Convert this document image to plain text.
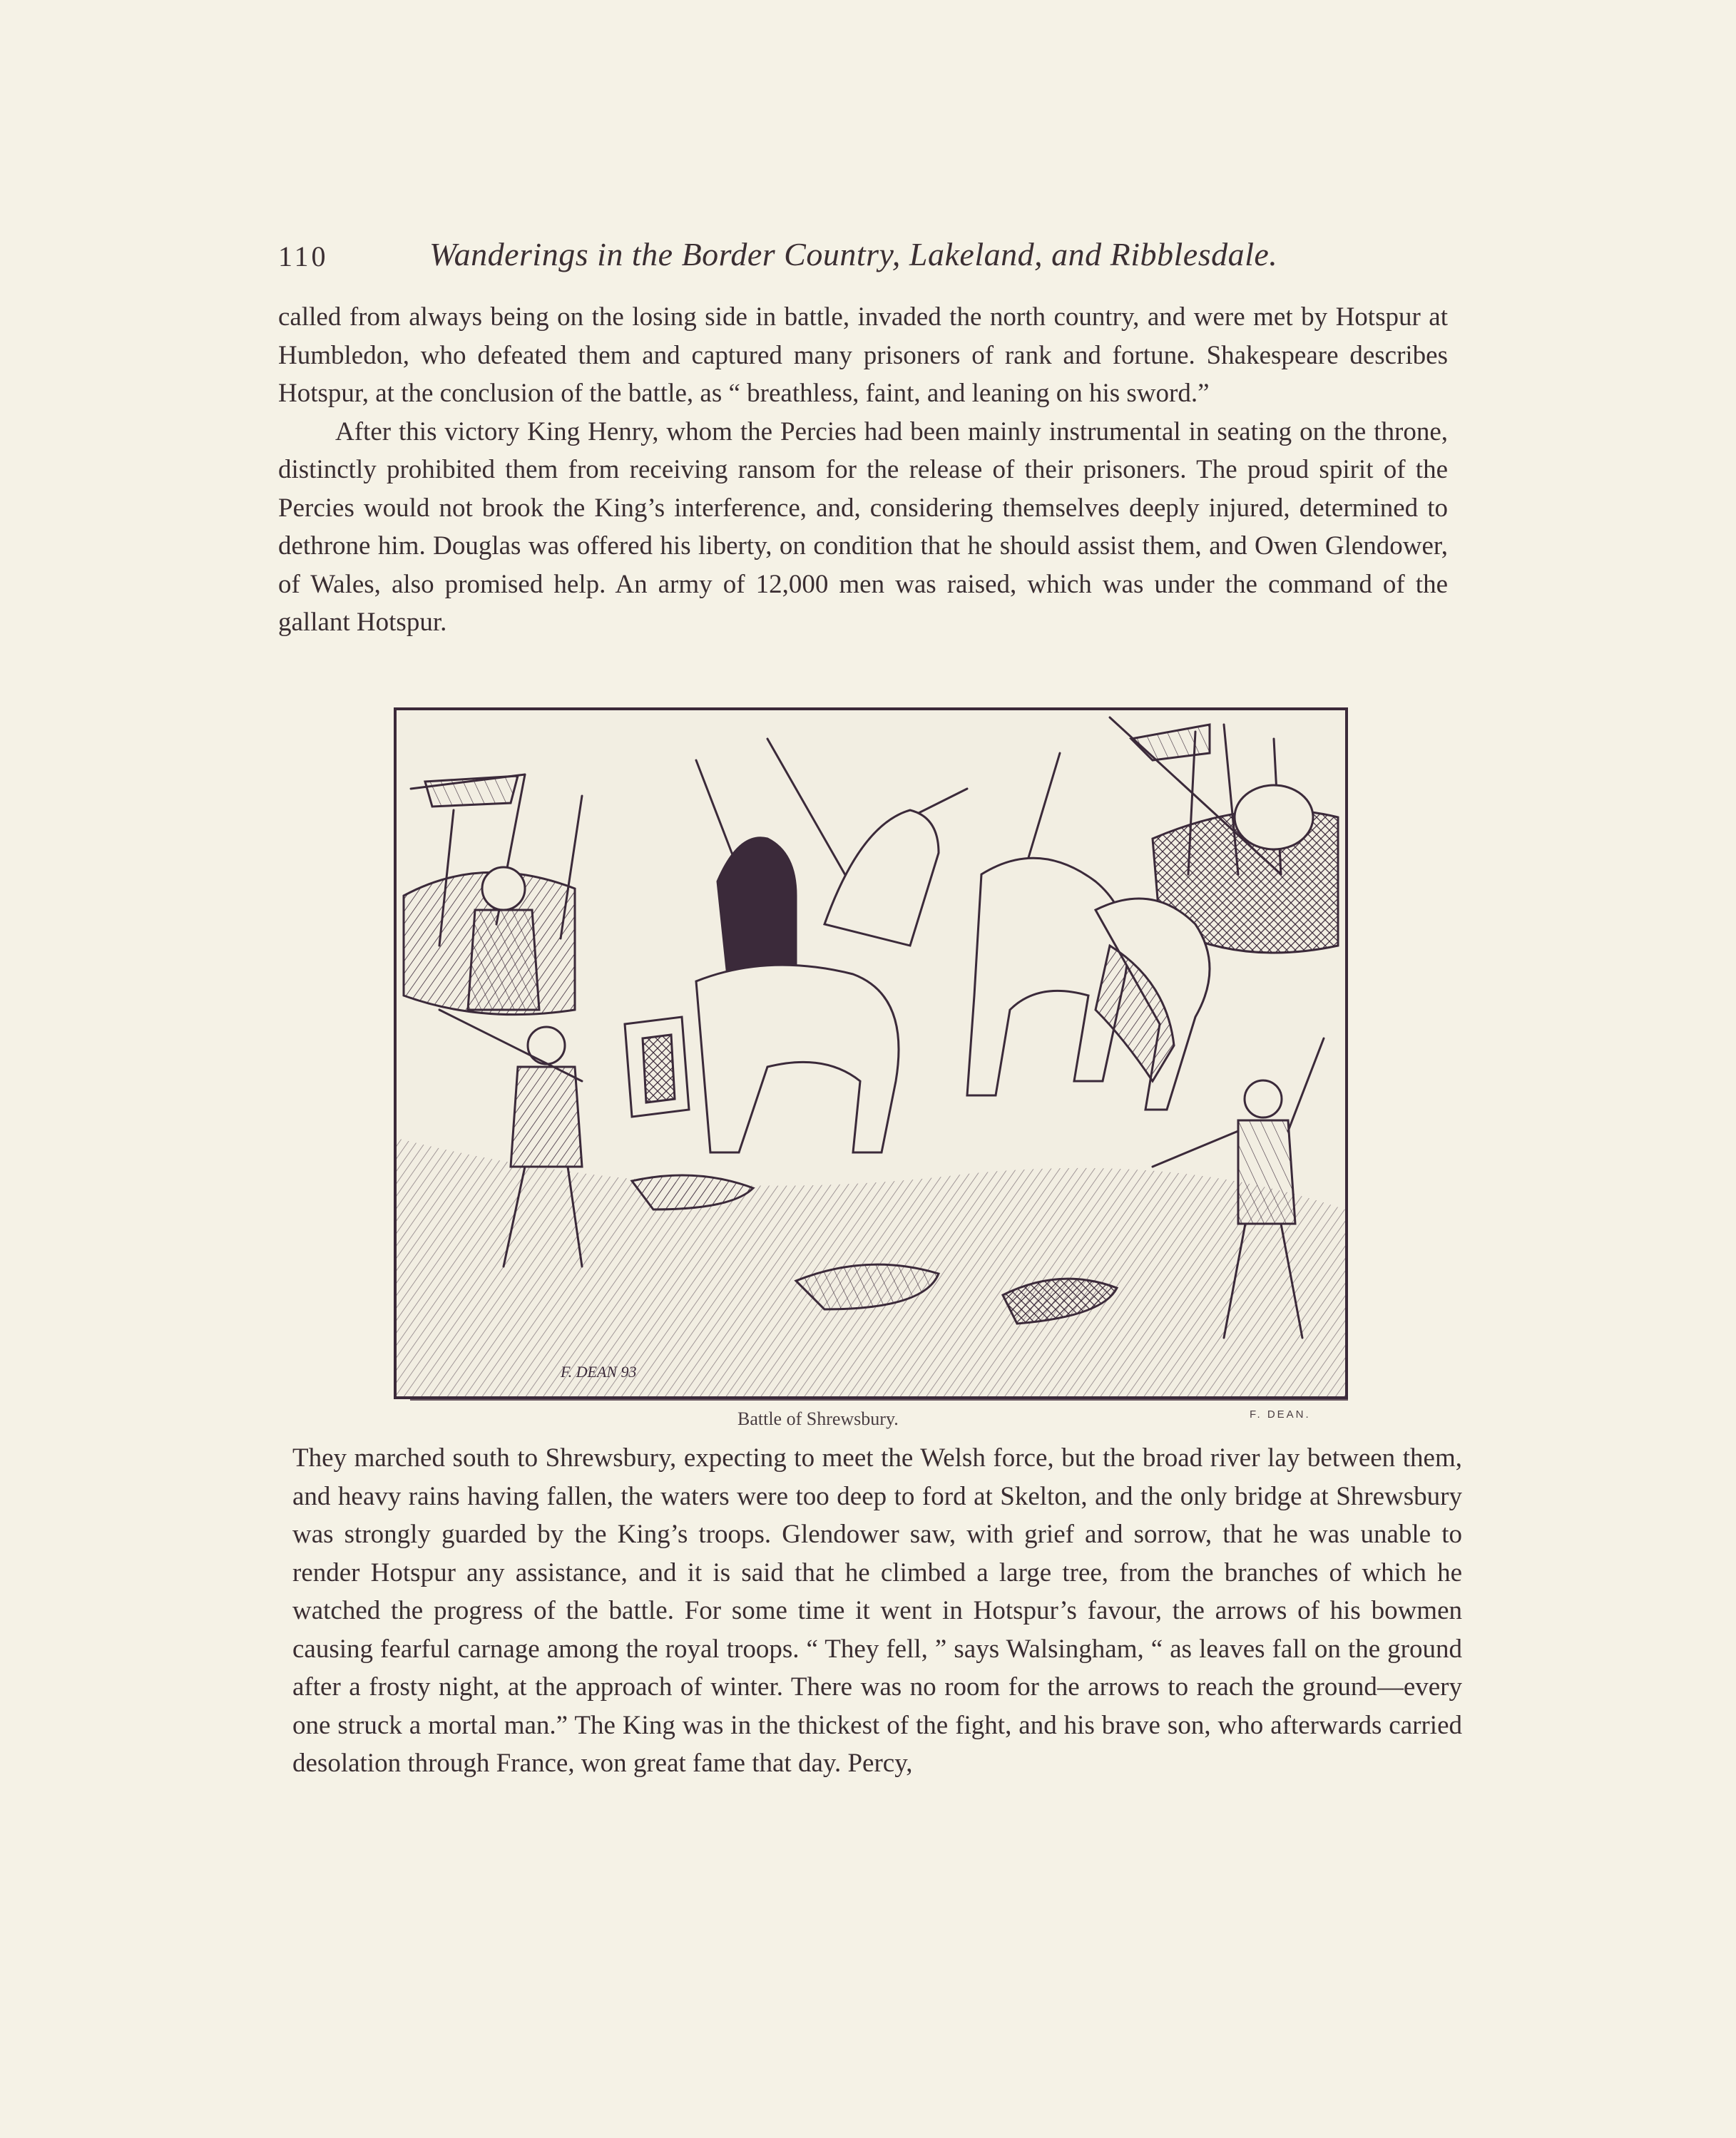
110	Wanderings in the Border Country, Lakeland, and Ribblesdale.

called from always being on the losing side in battle, invaded the north country, and were met by Hotspur at Humbledon, who defeated them and captured many prisoners of rank and fortune. Shakespeare describes Hotspur, at the conclusion of the battle, as “ breathless, faint, and leaning on his sword.”

After this victory King Henry, whom the Percies had been mainly instrumental in seating on the throne, distinctly prohibited them from receiving ransom for the release of their prisoners. The proud spirit of the Percies would not brook the King’s interference, and, considering themselves deeply injured, determined to dethrone him. Douglas was offered his liberty, on condition that he should assist them, and Owen Glendower, of Wales, also promised help. An army of 12,000 men was raised, which was under the command of the gallant Hotspur.

F. DEAN 93
Battle of Shrewsbury.	F. DEAN.

They marched south to Shrewsbury, expecting to meet the Welsh force, but the broad river lay between them, and heavy rains having fallen, the waters were too deep to ford at Skelton, and the only bridge at Shrewsbury was strongly guarded by the King’s troops. Glendower saw, with grief and sorrow, that he was unable to render Hotspur any assistance, and it is said that he climbed a large tree, from the branches of which he watched the progress of the battle. For some time it went in Hotspur’s favour, the arrows of his bowmen causing fearful carnage among the royal troops. “ They fell, ” says Walsingham, “ as leaves fall on the ground after a frosty night, at the approach of winter. There was no room for the arrows to reach the ground—every one struck a mortal man.” The King was in the thickest of the fight, and his brave son, who afterwards carried desolation through France, won great fame that day. Percy,
